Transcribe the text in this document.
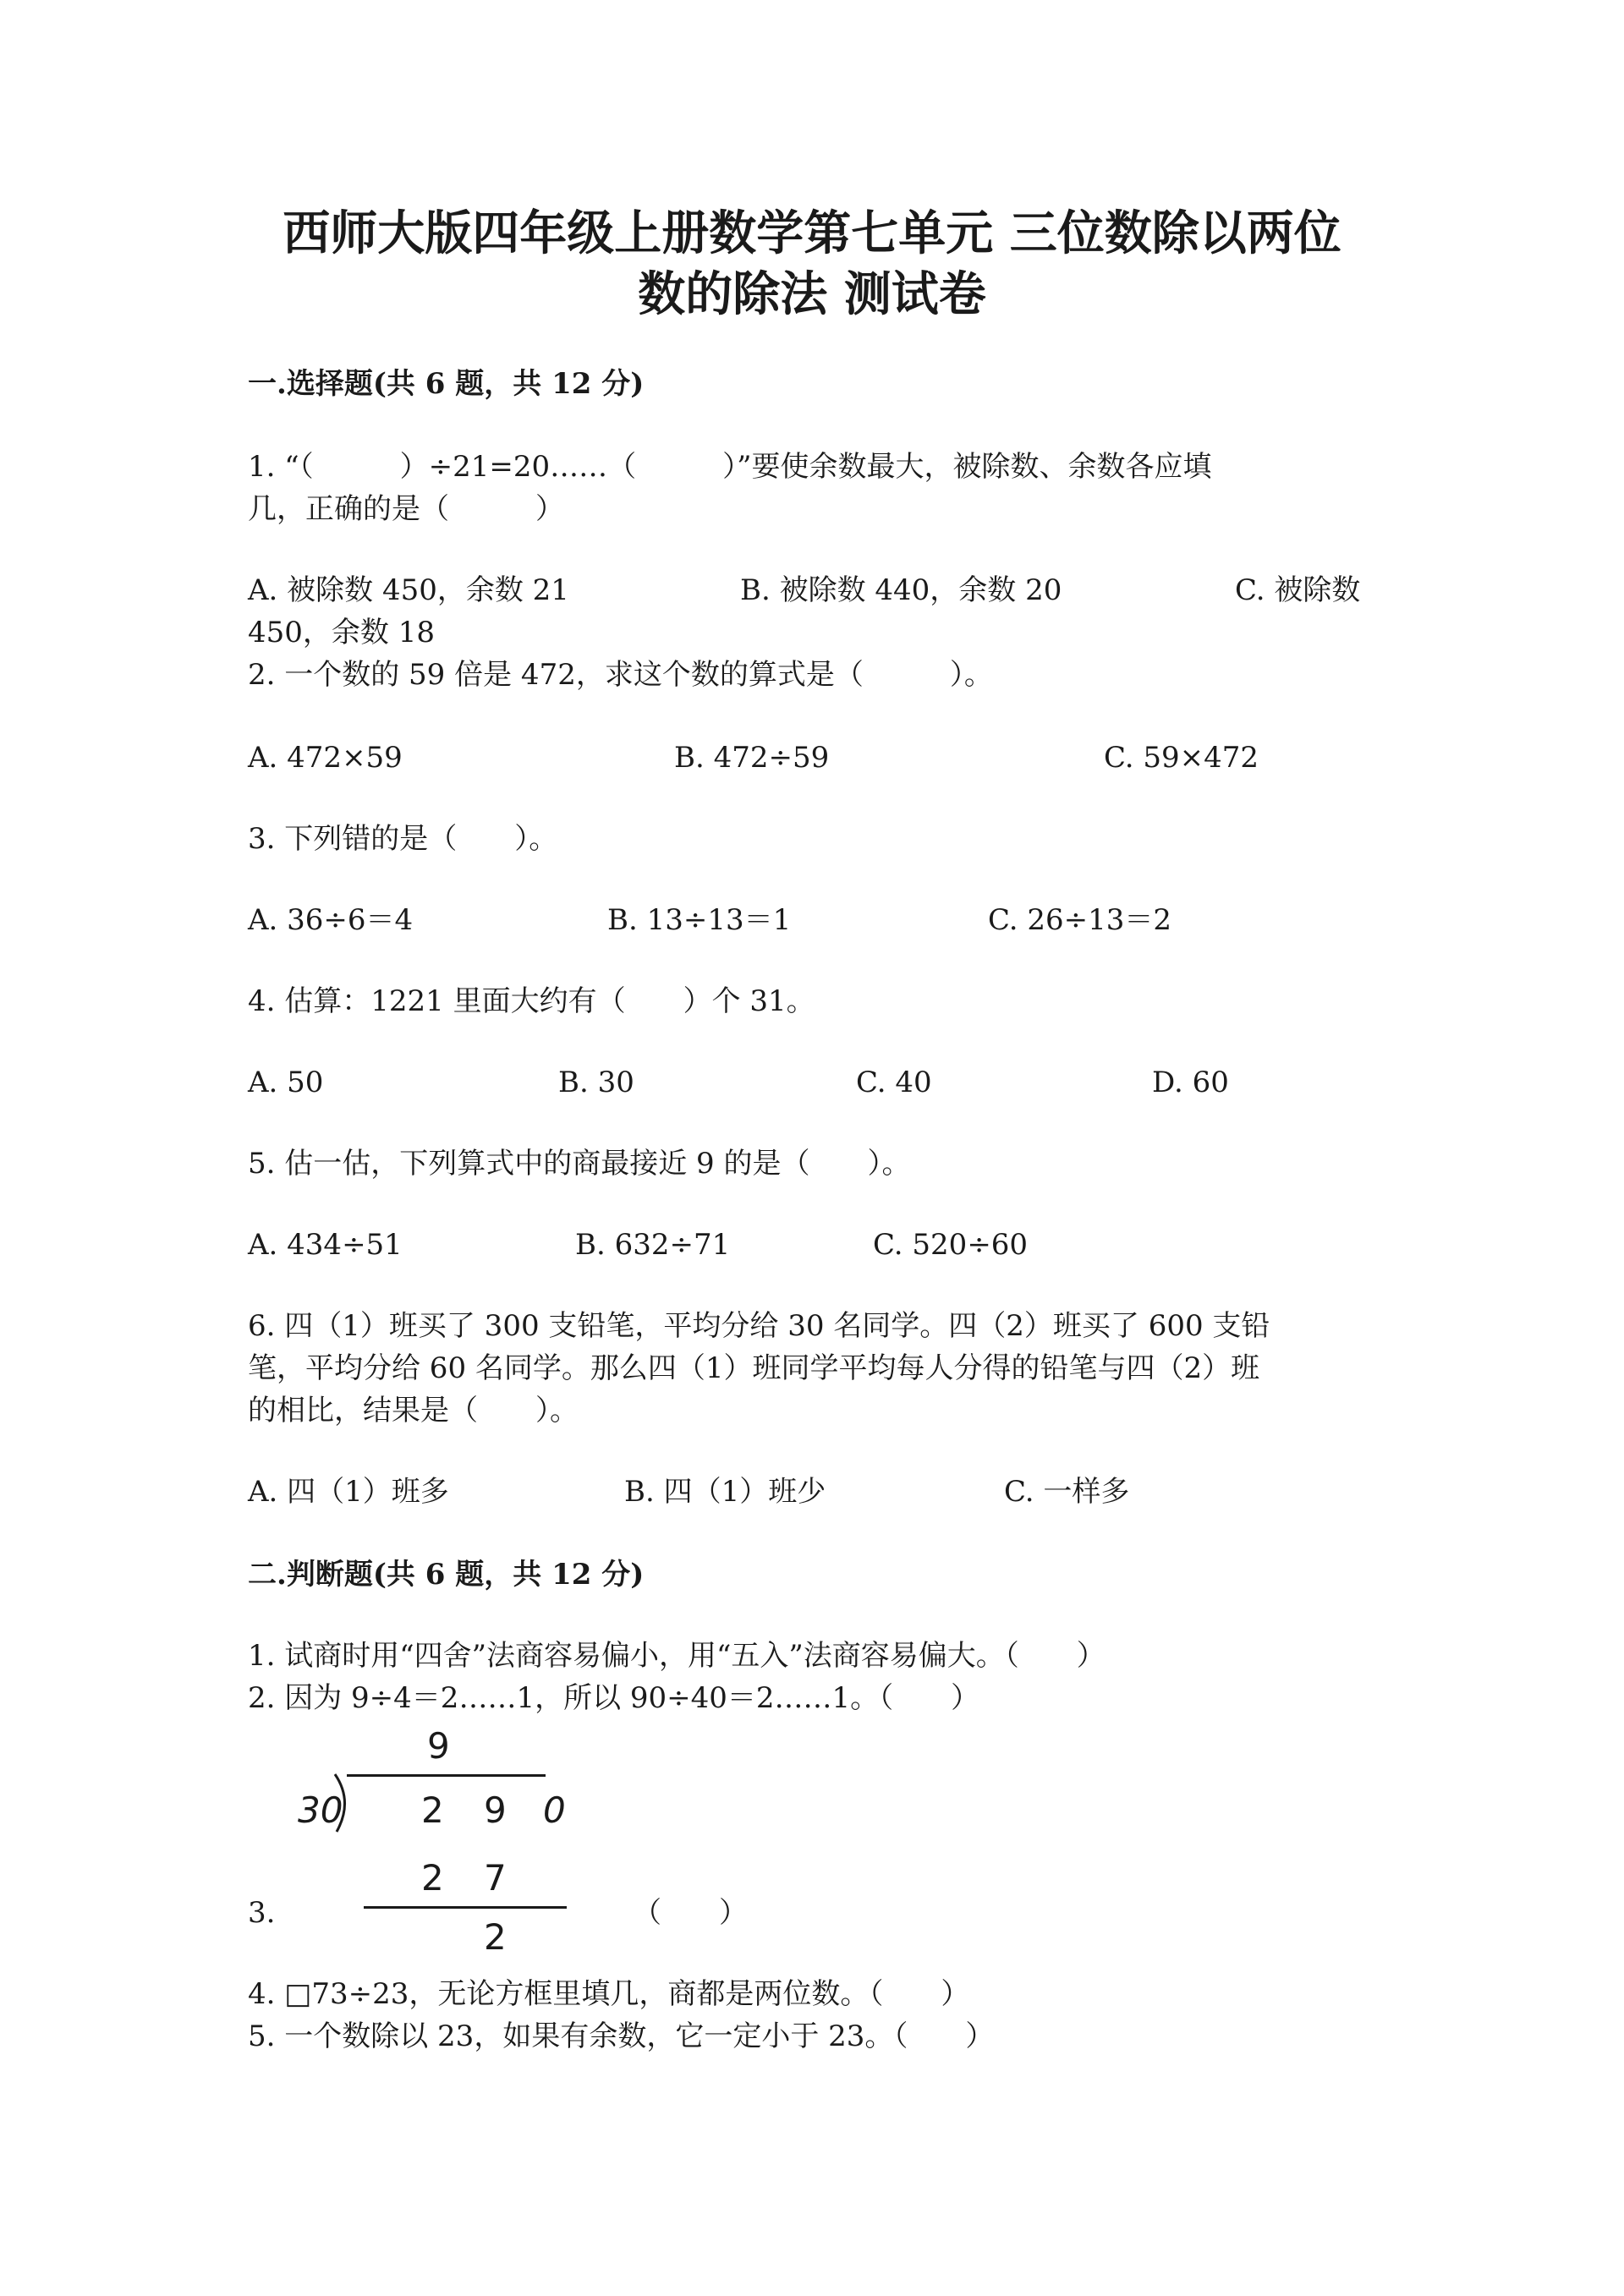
西师大版四年级上册数学第七单元 三位数除以两位
数的除法 测试卷
一.选择题(共 6 题，共 12 分)
1. “（　　　）÷21=20……（　　　）”要使余数最大，被除数、余数各应填
几，正确的是（　　　）
A. 被除数 450，余数 21	B. 被除数 440，余数 20	C. 被除数
450，余数 18
2. 一个数的 59 倍是 472，求这个数的算式是（　　　）。
A. 472×59	B. 472÷59	C. 59×472
3. 下列错的是（　　）。
A. 36÷6＝4	B. 13÷13＝1	C. 26÷13＝2
4. 估算：1221 里面大约有（　　）个 31。
A. 50	B. 30	C. 40	D. 60
5. 估一估，下列算式中的商最接近 9 的是（　　）。
A. 434÷51	B. 632÷71	C. 520÷60
6. 四（1）班买了 300 支铅笔，平均分给 30 名同学。四（2）班买了 600 支铅
笔，平均分给 60 名同学。那么四（1）班同学平均每人分得的铅笔与四（2）班
的相比，结果是（　　）。
A. 四（1）班多	B. 四（1）班少	C. 一样多
二.判断题(共 6 题，共 12 分)
1. 试商时用“四舍”法商容易偏小，用“五入”法商容易偏大。（　　）
2. 因为 9÷4＝2……1，所以 90÷40＝2……1。（　　）
3.
9
30 2 9 0
2 7
2
（　　）
4. □73÷23，无论方框里填几，商都是两位数。（　　）
5. 一个数除以 23，如果有余数，它一定小于 23。（　　）
